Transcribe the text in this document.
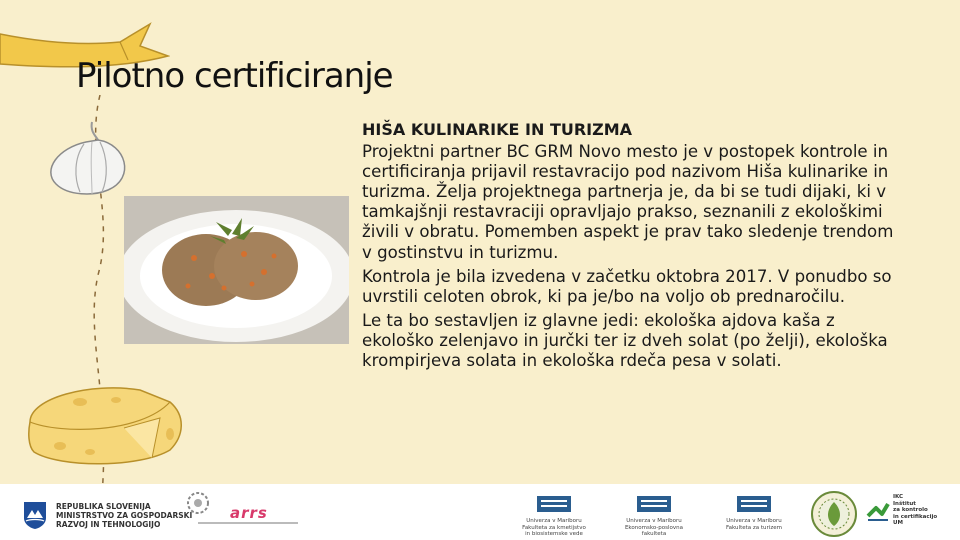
Pilotno certificiranje

HIŠA KULINARIKE IN TURIZMA

Projektni partner BC GRM Novo mesto je v postopek kontrole in certificiranja prijavil restavracijo pod nazivom Hiša kulinarike in turizma. Želja projektnega partnerja je, da bi se tudi dijaki, ki v tamkajšnji restavraciji opravljajo prakso, seznanili z ekološkimi živili v obratu. Pomemben aspekt je prav tako sledenje trendom v gostinstvu in turizmu.

Kontrola je bila izvedena v začetku oktobra 2017. V ponudbo so uvrstili celoten obrok, ki pa je/bo na voljo ob prednaročilu.

Le ta bo sestavljen iz glavne jedi: ekološka ajdova kaša z ekološko zelenjavo in jurčki ter iz dveh solat (po želji), ekološka krompirjeva solata in ekološka rdeča pesa v solati.

REPUBLIKA SLOVENIJA
MINISTRSTVO ZA GOSPODARSKI
RAZVOJ IN TEHNOLOGIJO
arrs	Univerza v Mariboru
Fakulteta za kmetijstvo
in biosistemske vede
Univerza v Mariboru
Ekonomsko-poslovna fakulteta
Univerza v Mariboru
Fakulteta za turizem
IKC
Inštitut
za kontrolo
in certifikacijo
UM
